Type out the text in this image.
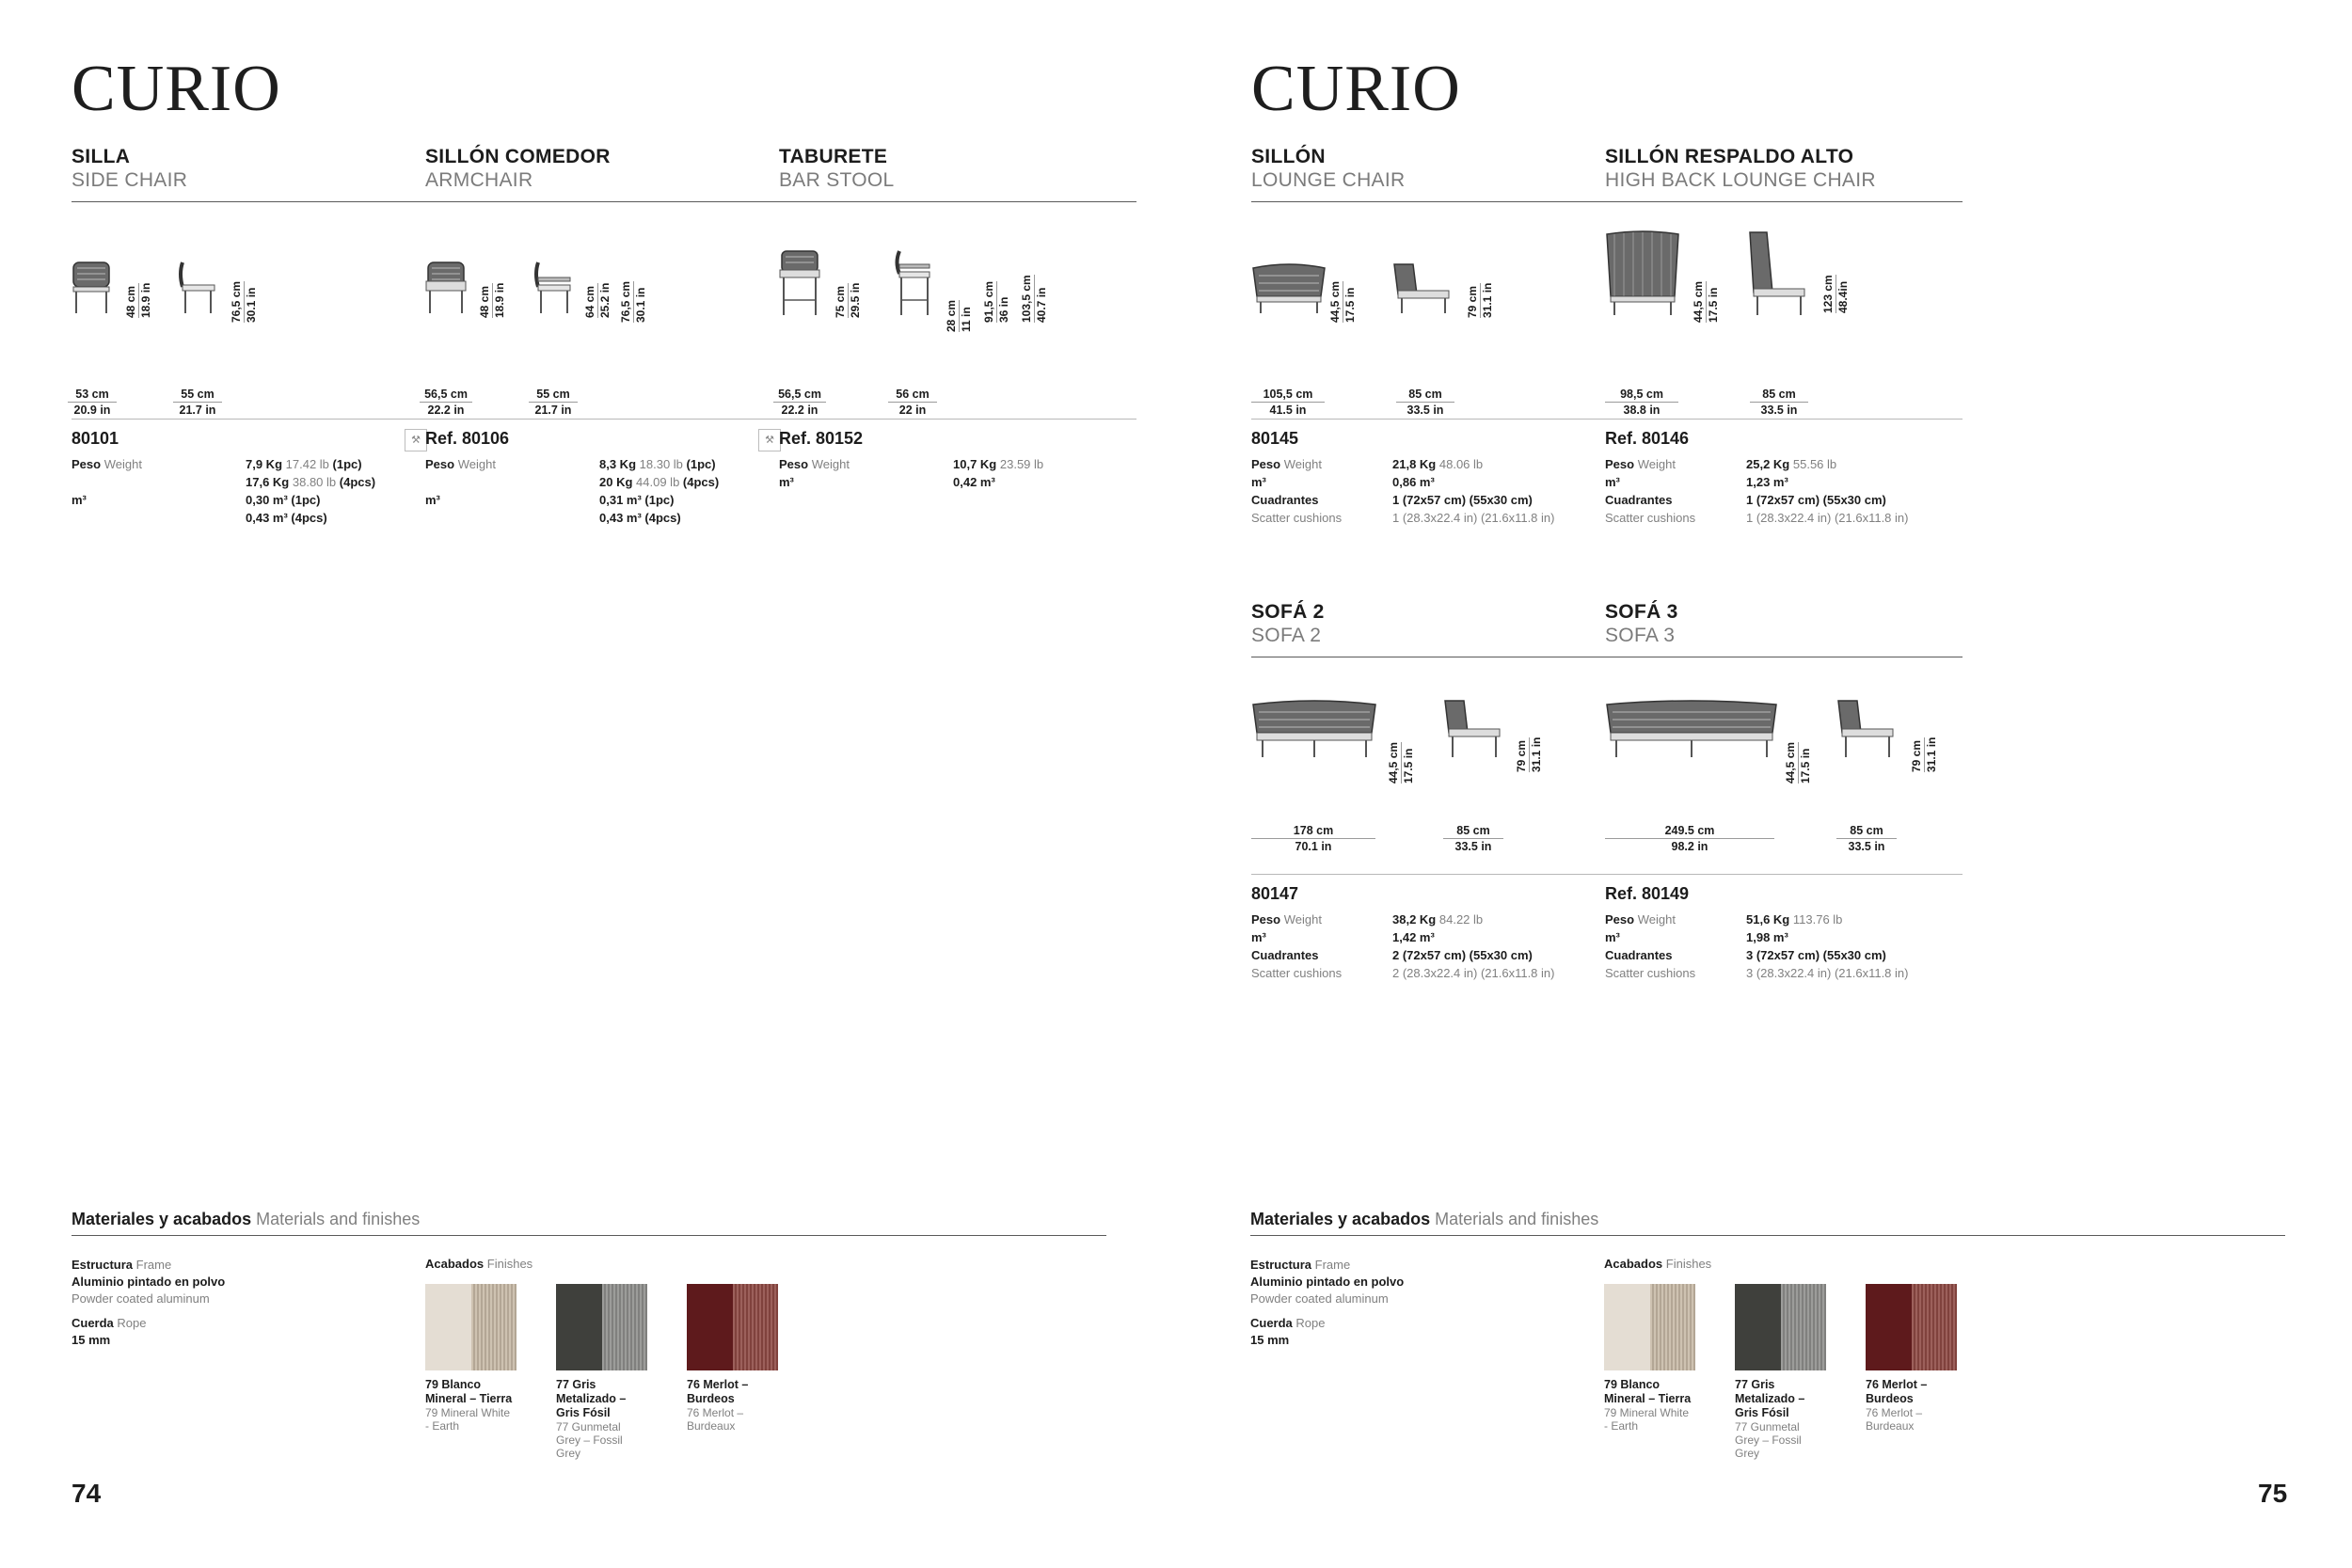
CURIO
SILLA
SIDE CHAIR
48 cm 18.9 in	76,5 cm 30.1 in
53 cm
20.9 in
55 cm
21.7 in
80101	⚒
Peso Weight	7,9 Kg 17.42 lb (1pc)
17,6 Kg 38.80 lb (4pcs)
m³	0,30 m³ (1pc)
0,43 m³ (4pcs)
SILLÓN COMEDOR
ARMCHAIR
48 cm 18.9 in	64 cm 25.2 in 76,5 cm 30.1 in
56,5 cm
22.2 in
55 cm
21.7 in
Ref. 80106	⚒
Peso Weight	8,3 Kg 18.30 lb (1pc)
20 Kg 44.09 lb (4pcs)
m³	0,31 m³ (1pc)
0,43 m³ (4pcs)
TABURETE
BAR STOOL
75 cm 29.5 in	28 cm 11 in 91,5 cm 36 in 103,5 cm 40.7 in
56,5 cm
22.2 in
56 cm
22 in
Ref. 80152
Peso Weight	10,7 Kg 23.59 lb
m³	0,42 m³
Materiales y acabados Materials and finishes
Estructura Frame
Aluminio pintado en polvo
Powder coated aluminum
Cuerda Rope
15 mm
Acabados Finishes
79 Blanco Mineral – Tierra
79 Mineral White - Earth
77 Gris Metalizado – Gris Fósil
77 Gunmetal Grey – Fossil Grey
76 Merlot – Burdeos
76 Merlot – Burdeaux
74
CURIO
SILLÓN
LOUNGE CHAIR
44,5 cm 17.5 in	79 cm 31.1 in
105,5 cm
41.5 in
85 cm
33.5 in
80145
Peso Weight	21,8 Kg 48.06 lb
m³	0,86 m³
Cuadrantes	1 (72x57 cm) (55x30 cm)
Scatter cushions	1 (28.3x22.4 in) (21.6x11.8 in)
SILLÓN RESPALDO ALTO
HIGH BACK LOUNGE CHAIR
44,5 cm 17.5 in	123 cm 48.4in
98,5 cm
38.8 in
85 cm
33.5 in
Ref. 80146
Peso Weight	25,2 Kg 55.56 lb
m³	1,23 m³
Cuadrantes	1 (72x57 cm) (55x30 cm)
Scatter cushions	1 (28.3x22.4 in) (21.6x11.8 in)
SOFÁ 2
SOFA 2
44,5 cm 17.5 in	79 cm 31.1 in
178 cm
70.1 in
85 cm
33.5 in
80147
Peso Weight	38,2 Kg 84.22 lb
m³	1,42 m³
Cuadrantes	2 (72x57 cm) (55x30 cm)
Scatter cushions	2 (28.3x22.4 in) (21.6x11.8 in)
SOFÁ 3
SOFA 3
44,5 cm 17.5 in	79 cm 31.1 in
249.5 cm
98.2 in
85 cm
33.5 in
Ref. 80149
Peso Weight	51,6 Kg 113.76 lb
m³	1,98 m³
Cuadrantes	3 (72x57 cm) (55x30 cm)
Scatter cushions	3 (28.3x22.4 in) (21.6x11.8 in)
Materiales y acabados Materials and finishes
Estructura Frame
Aluminio pintado en polvo
Powder coated aluminum
Cuerda Rope
15 mm
Acabados Finishes
79 Blanco Mineral – Tierra
79 Mineral White - Earth
77 Gris Metalizado – Gris Fósil
77 Gunmetal Grey – Fossil Grey
76 Merlot – Burdeos
76 Merlot – Burdeaux
75
